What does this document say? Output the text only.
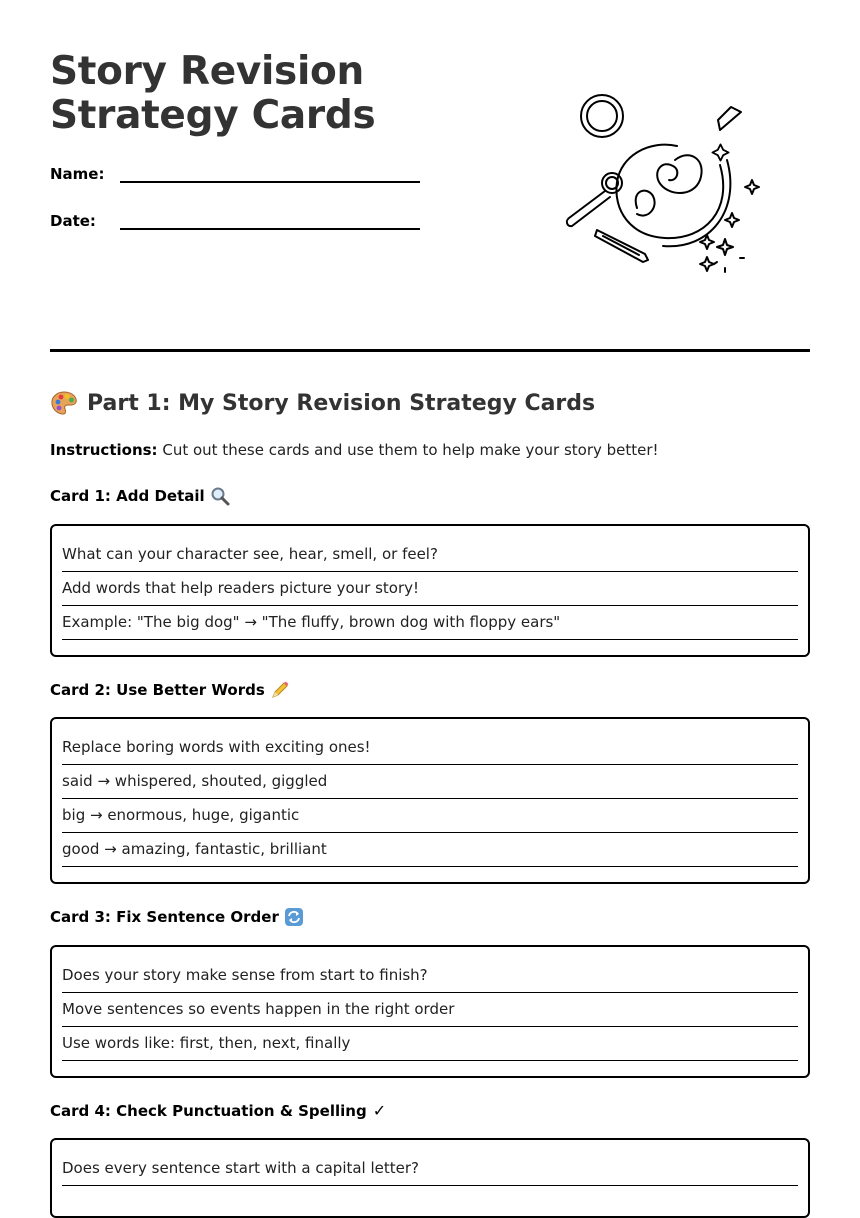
Story Revision Strategy Cards
Name:
Date:
Part 1: My Story Revision Strategy Cards

Instructions: Cut out these cards and use them to help make your story better!

Card 1: Add Detail
What can your character see, hear, smell, or feel?
Add words that help readers picture your story!
Example: "The big dog" → "The fluffy, brown dog with floppy ears"
Card 2: Use Better Words
Replace boring words with exciting ones!
said → whispered, shouted, giggled
big → enormous, huge, gigantic
good → amazing, fantastic, brilliant
Card 3: Fix Sentence Order
Does your story make sense from start to finish?
Move sentences so events happen in the right order
Use words like: first, then, next, finally
Card 4: Check Punctuation & Spelling ✓
Does every sentence start with a capital letter?
